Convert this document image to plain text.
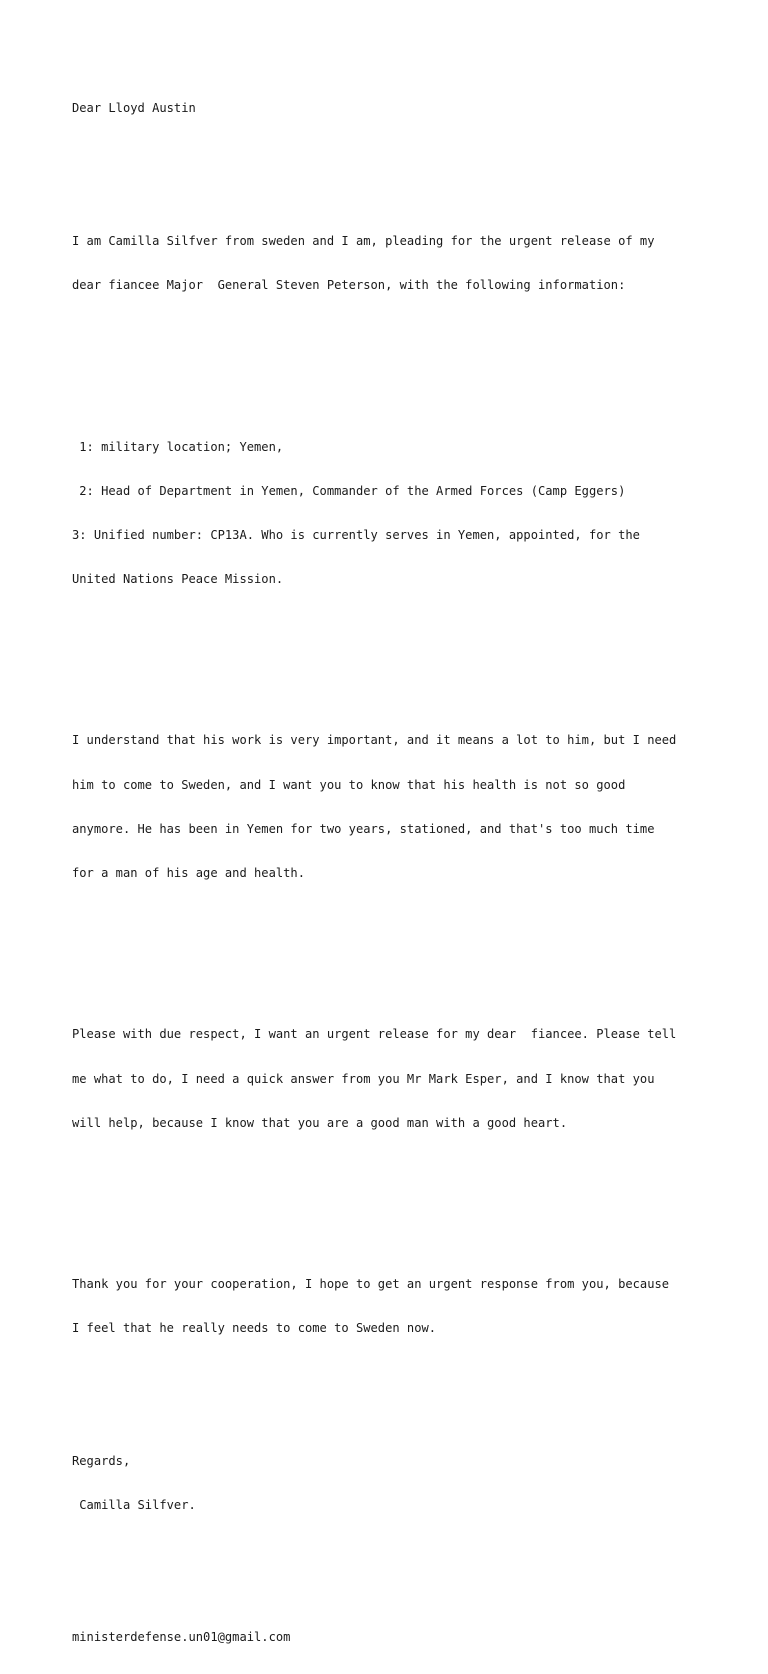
Dear Lloyd Austin

I am Camilla Silfver from sweden and I am, pleading for the urgent release of my

dear fiancee Major  General Steven Peterson, with the following information:

1: military location; Yemen,

2: Head of Department in Yemen, Commander of the Armed Forces (Camp Eggers)

3: Unified number: CP13A. Who is currently serves in Yemen, appointed, for the

United Nations Peace Mission.

I understand that his work is very important, and it means a lot to him, but I need

him to come to Sweden, and I want you to know that his health is not so good

anymore. He has been in Yemen for two years, stationed, and that's too much time

for a man of his age and health.

Please with due respect, I want an urgent release for my dear  fiancee. Please tell

me what to do, I need a quick answer from you Mr Mark Esper, and I know that you

will help, because I know that you are a good man with a good heart.

Thank you for your cooperation, I hope to get an urgent response from you, because

I feel that he really needs to come to Sweden now.

Regards,

Camilla Silfver.

ministerdefense.un01@gmail.com
